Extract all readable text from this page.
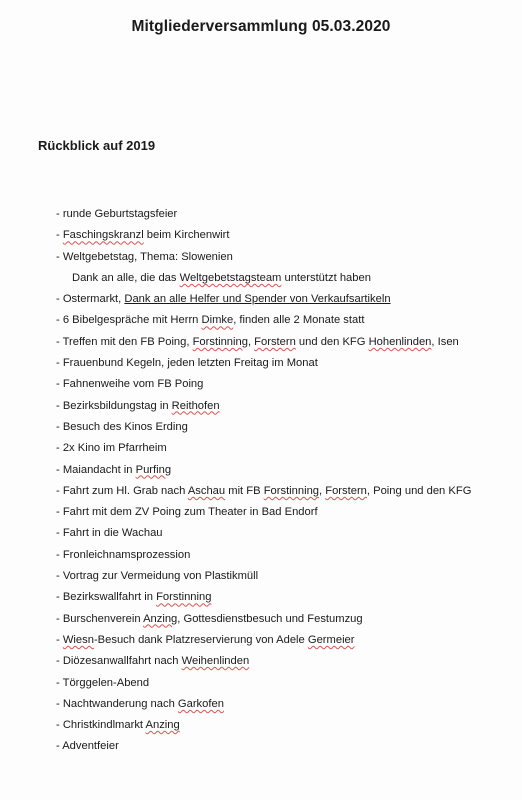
Mitgliederversammlung 05.03.2020
Rückblick auf 2019
- runde Geburtstagsfeier
- Faschingskranzl beim Kirchenwirt
- Weltgebetstag, Thema: Slowenien
Dank an alle, die das Weltgebetstagsteam unterstützt haben
- Ostermarkt, Dank an alle Helfer und Spender von Verkaufsartikeln
- 6 Bibelgespräche mit Herrn Dimke, finden alle 2 Monate statt
- Treffen mit den FB Poing, Forstinning, Forstern und den KFG Hohenlinden, Isen
- Frauenbund Kegeln, jeden letzten Freitag im Monat
- Fahnenweihe vom FB Poing
- Bezirksbildungstag in Reithofen
- Besuch des Kinos Erding
- 2x Kino im Pfarrheim
- Maiandacht in Purfing
- Fahrt zum Hl. Grab nach Aschau mit FB Forstinning, Forstern, Poing und den KFG
- Fahrt mit dem ZV Poing zum Theater in Bad Endorf
- Fahrt in die Wachau
- Fronleichnamsprozession
- Vortrag zur Vermeidung von Plastikmüll
- Bezirkswallfahrt in Forstinning
- Burschenverein Anzing, Gottesdienstbesuch und Festumzug
- Wiesn-Besuch dank Platzreservierung von Adele Germeier
- Diözesanwallfahrt nach Weihenlinden
- Törggelen-Abend
- Nachtwanderung nach Garkofen
- Christkindlmarkt Anzing
- Adventfeier
